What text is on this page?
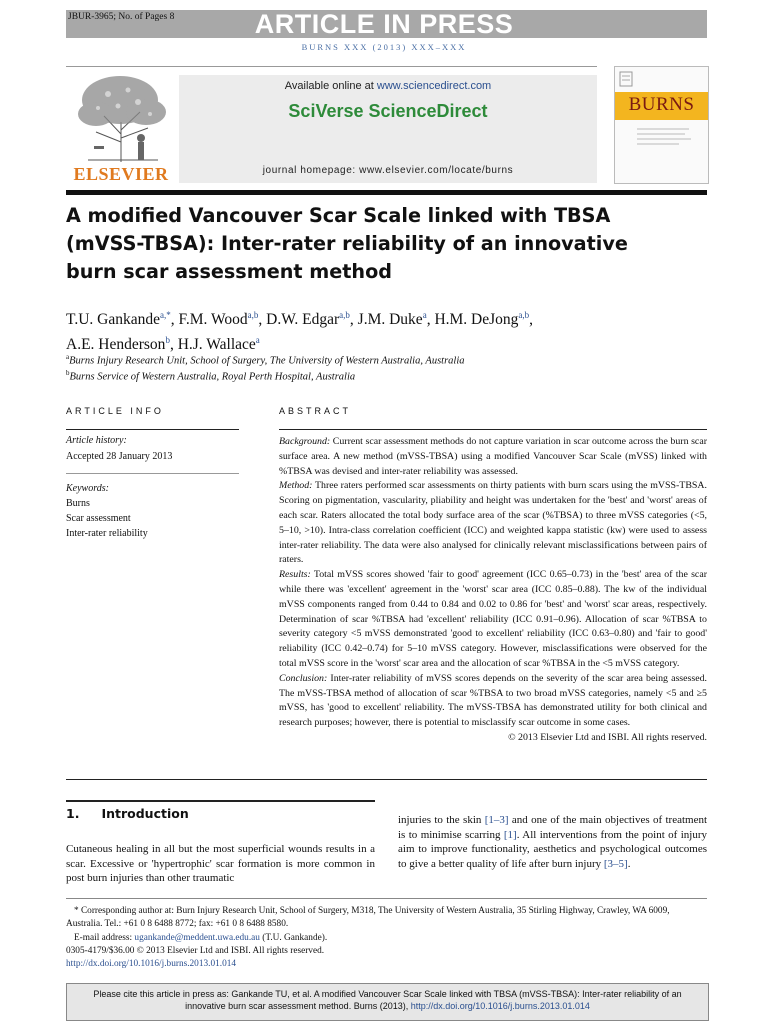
ARTICLE IN PRESS
JBUR-3965; No. of Pages 8
BURNS XXX (2013) XXX–XXX
ELSEVIER
Available online at www.sciencedirect.com
SciVerse ScienceDirect
journal homepage: www.elsevier.com/locate/burns
BURNS
A modified Vancouver Scar Scale linked with TBSA (mVSS-TBSA): Inter-rater reliability of an innovative burn scar assessment method
T.U. Gankande$^{a,*}$, F.M. Wood$^{a,b}$, D.W. Edgar$^{a,b}$, J.M. Duke$^a$, H.M. DeJong$^{a,b}$,
A.E. Henderson$^b$, H.J. Wallace$^a$
$^a$Burns Injury Research Unit, School of Surgery, The University of Western Australia, Australia
$^b$Burns Service of Western Australia, Royal Perth Hospital, Australia
ARTICLE INFO
Article history:
Accepted 28 January 2013
Keywords:
Burns
Scar assessment
Inter-rater reliability
ABSTRACT

Background: Current scar assessment methods do not capture variation in scar outcome across the burn scar surface area. A new method (mVSS-TBSA) using a modified Vancouver Scar Scale (mVSS) linked with %TBSA was devised and inter-rater reliability was assessed.

Method: Three raters performed scar assessments on thirty patients with burn scars using the mVSS-TBSA. Scoring on pigmentation, vascularity, pliability and height was undertaken for the 'best' and 'worst' areas of each scar. Raters allocated the total body surface area of the scar (%TBSA) to three mVSS categories (<5, 5–10, >10). Intra-class correlation coefficient (ICC) and weighted kappa statistic (kw) were used to assess inter-rater reliability. The data were also analysed for clinically relevant misclassifications between pairs of raters.

Results: Total mVSS scores showed 'fair to good' agreement (ICC 0.65–0.73) in the 'best' area of the scar while there was 'excellent' agreement in the 'worst' scar area (ICC 0.85–0.88). The kw of the individual mVSS components ranged from 0.44 to 0.84 and 0.02 to 0.86 for 'best' and 'worst' scar areas, respectively. Determination of scar %TBSA had 'excellent' reliability (ICC 0.91–0.96). Allocation of scar %TBSA to severity category <5 mVSS demonstrated 'good to excellent' reliability (ICC 0.63–0.80) and 'fair to good' reliability (ICC 0.42–0.74) for 5–10 mVSS category. However, misclassifications were observed for the total mVSS score in the 'worst' scar area and the allocation of scar %TBSA in the <5 mVSS category.

Conclusion: Inter-rater reliability of mVSS scores depends on the severity of the scar area being assessed. The mVSS-TBSA method of allocation of scar %TBSA to two broad mVSS categories, namely <5 and ≥5 mVSS, has 'good to excellent' reliability. The mVSS-TBSA has demonstrated utility for both clinical and research purposes; however, there is potential to misclassify scar outcome in some cases.

© 2013 Elsevier Ltd and ISBI. All rights reserved.

1. Introduction
Cutaneous healing in all but the most superficial wounds results in a scar. Excessive or 'hypertrophic' scar formation is more common in post burn injuries than other traumatic
injuries to the skin [1–3] and one of the main objectives of treatment is to minimise scarring [1]. All interventions from the point of injury aim to improve functionality, aesthetics and psychological outcomes to give a better quality of life after burn injury [3–5].
* Corresponding author at: Burn Injury Research Unit, School of Surgery, M318, The University of Western Australia, 35 Stirling Highway, Crawley, WA 6009, Australia. Tel.: +61 0 8 6488 8772; fax: +61 0 8 6488 8580.
E-mail address: ugankande@meddent.uwa.edu.au (T.U. Gankande).
0305-4179/$36.00 © 2013 Elsevier Ltd and ISBI. All rights reserved.
http://dx.doi.org/10.1016/j.burns.2013.01.014
Please cite this article in press as: Gankande TU, et al. A modified Vancouver Scar Scale linked with TBSA (mVSS-TBSA): Inter-rater reliability of an innovative burn scar assessment method. Burns (2013), http://dx.doi.org/10.1016/j.burns.2013.01.014
